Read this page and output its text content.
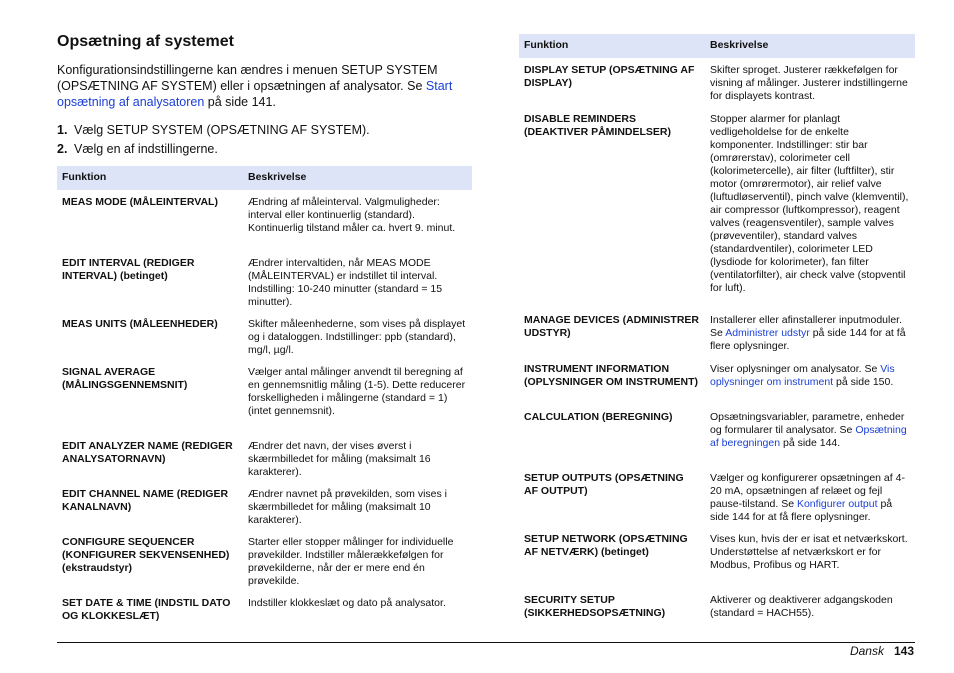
Opsætning af systemet

Konfigurationsindstillingerne kan ændres i menuen SETUP SYSTEM (OPSÆTNING AF SYSTEM) eller i opsætningen af analysator. Se Start opsætning af analysatoren på side 141.

1. Vælg SETUP SYSTEM (OPSÆTNING AF SYSTEM).
2. Vælg en af indstillingerne.
Funktion	Beskrivelse
MEAS MODE (MÅLEINTERVAL)	Ændring af måleinterval. Valgmuligheder: interval eller kontinuerlig (standard). Kontinuerlig tilstand måler ca. hvert 9. minut.
EDIT INTERVAL (REDIGER INTERVAL) (betinget)	Ændrer intervaltiden, når MEAS MODE (MÅLEINTERVAL) er indstillet til interval. Indstilling: 10-240 minutter (standard = 15 minutter).
MEAS UNITS (MÅLEENHEDER)	Skifter måleenhederne, som vises på displayet og i dataloggen. Indstillinger: ppb (standard), mg/l, µg/l.
SIGNAL AVERAGE (MÅLINGSGENNEMSNIT)	Vælger antal målinger anvendt til beregning af en gennemsnitlig måling (1-5). Dette reducerer forskelligheden i målingerne (standard = 1) (intet gennemsnit).
EDIT ANALYZER NAME (REDIGER ANALYSATORNAVN)	Ændrer det navn, der vises øverst i skærmbilledet for måling (maksimalt 16 karakterer).
EDIT CHANNEL NAME (REDIGER KANALNAVN)	Ændrer navnet på prøvekilden, som vises i skærmbilledet for måling (maksimalt 10 karakterer).
CONFIGURE SEQUENCER (KONFIGURER SEKVENSENHED) (ekstraudstyr)	Starter eller stopper målinger for individuelle prøvekilder. Indstiller målerækkefølgen for prøvekilderne, når der er mere end én prøvekilde.
SET DATE & TIME (INDSTIL DATO OG KLOKKESLÆT)	Indstiller klokkeslæt og dato på analysator.
Funktion	Beskrivelse
DISPLAY SETUP (OPSÆTNING AF DISPLAY)	Skifter sproget. Justerer rækkefølgen for visning af målinger. Justerer indstillingerne for displayets kontrast.
DISABLE REMINDERS (DEAKTIVER PÅMINDELSER)	Stopper alarmer for planlagt vedligeholdelse for de enkelte komponenter. Indstillinger: stir bar (omrørerstav), colorimeter cell (kolorimetercelle), air filter (luftfilter), stir motor (omrørermotor), air relief valve (luftudløserventil), pinch valve (klemventil), air compressor (luftkompressor), reagent valves (reagensventiler), sample valves (prøveventiler), standard valves (standardventiler), colorimeter LED (lysdiode for kolorimeter), fan filter (ventilatorfilter), air check valve (stopventil for luft).
MANAGE DEVICES (ADMINISTRER UDSTYR)	Installerer eller afinstallerer inputmoduler. Se Administrer udstyr på side 144 for at få flere oplysninger.
INSTRUMENT INFORMATION (OPLYSNINGER OM INSTRUMENT)	Viser oplysninger om analysator. Se Vis oplysninger om instrument på side 150.
CALCULATION (BEREGNING)	Opsætningsvariabler, parametre, enheder og formularer til analysator. Se Opsætning af beregningen på side 144.
SETUP OUTPUTS (OPSÆTNING AF OUTPUT)	Vælger og konfigurerer opsætningen af 4-20 mA, opsætningen af relæet og fejl pause-tilstand. Se Konfigurer output på side 144 for at få flere oplysninger.
SETUP NETWORK (OPSÆTNING AF NETVÆRK) (betinget)	Vises kun, hvis der er isat et netværkskort. Understøttelse af netværkskort er for Modbus, Profibus og HART.
SECURITY SETUP (SIKKERHEDSOPSÆTNING)	Aktiverer og deaktiverer adgangskoden (standard = HACH55).
Dansk 143
